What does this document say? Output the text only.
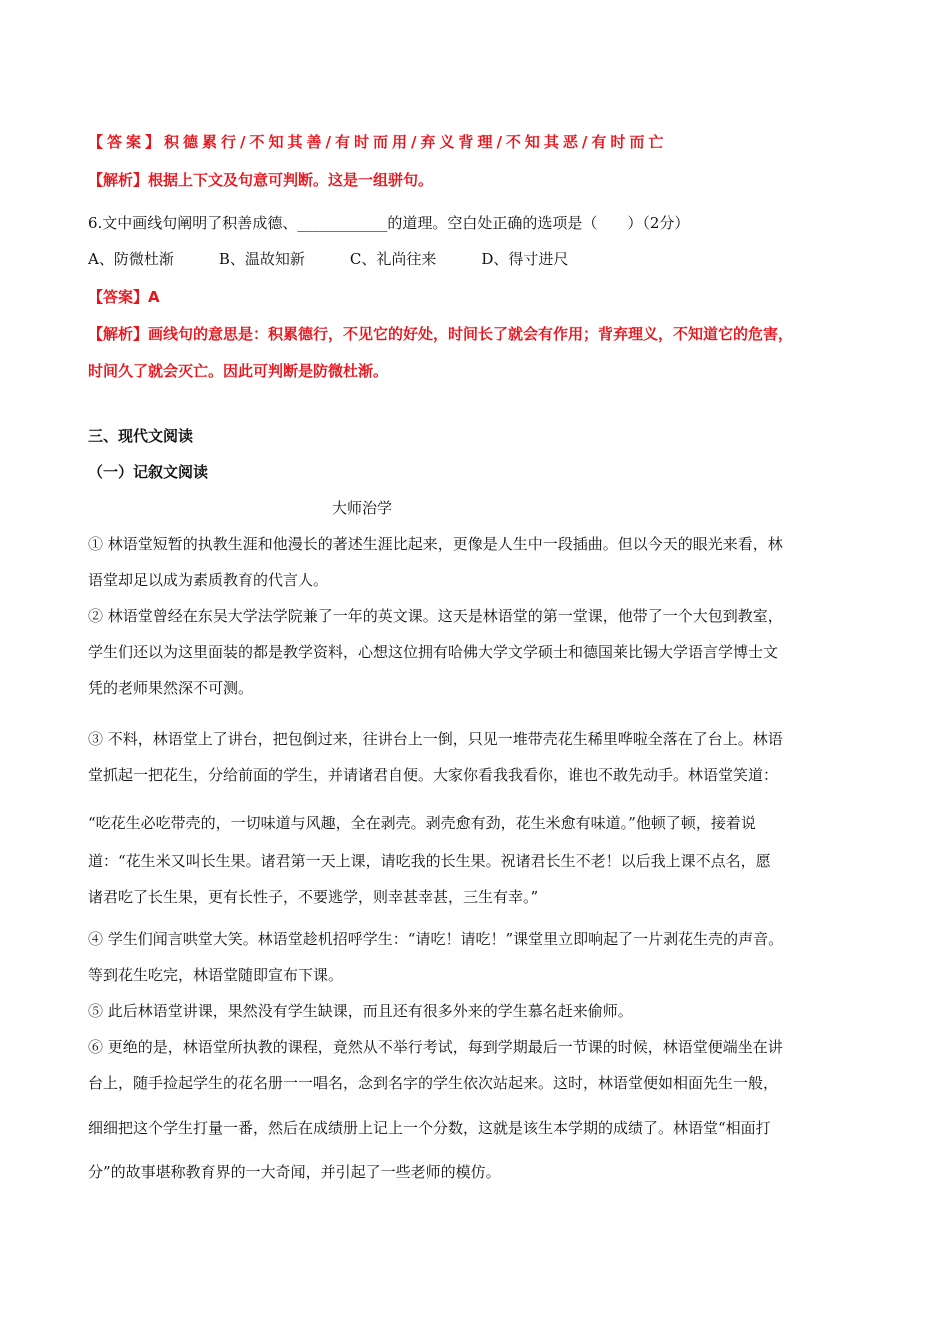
【答案】积德累行/不知其善/有时而用/弃义背理/不知其恶/有时而亡
【解析】根据上下文及句意可判断。这是一组骈句。
6.文中画线句阐明了积善成德、____________的道理。空白处正确的选项是（　　）（2分）
A、防微杜渐　　　B、温故知新　　　C、礼尚往来　　　D、得寸进尺
【答案】A
【解析】画线句的意思是：积累德行，不见它的好处，时间长了就会有作用；背弃理义，不知道它的危害，
时间久了就会灭亡。因此可判断是防微杜渐。
三、现代文阅读
（一）记叙文阅读
大师治学
① 林语堂短暂的执教生涯和他漫长的著述生涯比起来，更像是人生中一段插曲。但以今天的眼光来看，林
语堂却足以成为素质教育的代言人。
② 林语堂曾经在东吴大学法学院兼了一年的英文课。这天是林语堂的第一堂课，他带了一个大包到教室，
学生们还以为这里面装的都是教学资料，心想这位拥有哈佛大学文学硕士和德国莱比锡大学语言学博士文
凭的老师果然深不可测。
③ 不料，林语堂上了讲台，把包倒过来，往讲台上一倒，只见一堆带壳花生稀里哗啦全落在了台上。林语
堂抓起一把花生，分给前面的学生，并请诸君自便。大家你看我我看你，谁也不敢先动手。林语堂笑道：
“吃花生必吃带壳的，一切味道与风趣，全在剥壳。剥壳愈有劲，花生米愈有味道。”他顿了顿，接着说
道：“花生米又叫长生果。诸君第一天上课，请吃我的长生果。祝诸君长生不老！以后我上课不点名，愿
诸君吃了长生果，更有长性子，不要逃学，则幸甚幸甚，三生有幸。”
④ 学生们闻言哄堂大笑。林语堂趁机招呼学生：“请吃！请吃！”课堂里立即响起了一片剥花生壳的声音。
等到花生吃完，林语堂随即宣布下课。
⑤ 此后林语堂讲课，果然没有学生缺课，而且还有很多外来的学生慕名赶来偷师。
⑥ 更绝的是，林语堂所执教的课程，竟然从不举行考试，每到学期最后一节课的时候，林语堂便端坐在讲
台上，随手捡起学生的花名册一一唱名，念到名字的学生依次站起来。这时，林语堂便如相面先生一般，
细细把这个学生打量一番，然后在成绩册上记上一个分数，这就是该生本学期的成绩了。林语堂“相面打
分”的故事堪称教育界的一大奇闻，并引起了一些老师的模仿。
